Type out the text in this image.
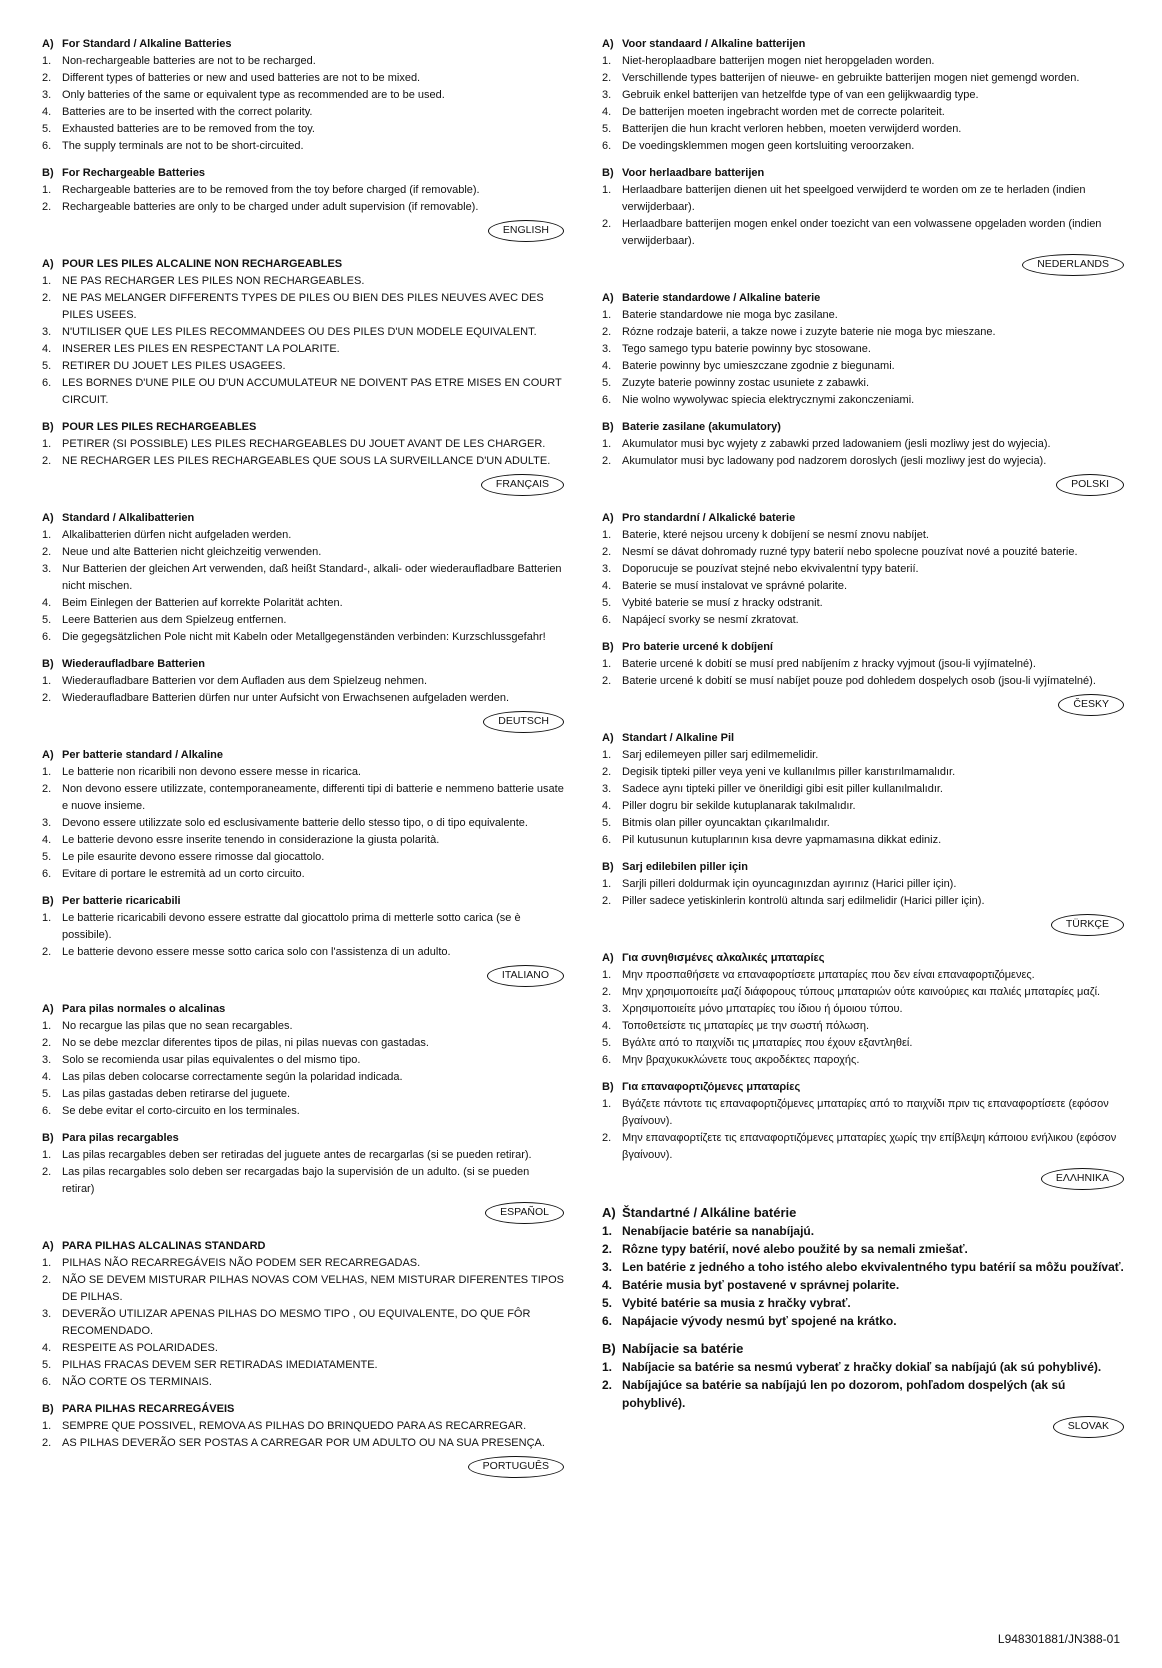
A) For Standard / Alkaline Batteries
1. Non-rechargeable batteries are not to be recharged.
2. Different types of batteries or new and used batteries are not to be mixed.
3. Only batteries of the same or equivalent type as recommended are to be used.
4. Batteries are to be inserted with the correct polarity.
5. Exhausted batteries are to be removed from the toy.
6. The supply terminals are not to be short-circuited.
B) For Rechargeable Batteries
1. Rechargeable batteries are to be removed from the toy before charged (if removable).
2. Rechargeable batteries are only to be charged under adult supervision (if removable).
ENGLISH
A) POUR LES PILES ALCALINE NON RECHARGEABLES
1. NE PAS RECHARGER LES PILES NON RECHARGEABLES.
2. NE PAS MELANGER DIFFERENTS TYPES DE PILES OU BIEN DES PILES NEUVES AVEC DES PILES USEES.
3. N'UTILISER QUE LES PILES RECOMMANDEES OU DES PILES D'UN MODELE EQUIVALENT.
4. INSERER LES PILES EN RESPECTANT LA POLARITE.
5. RETIRER DU JOUET LES PILES USAGEES.
6. LES BORNES D'UNE PILE OU D'UN ACCUMULATEUR NE DOIVENT PAS ETRE MISES EN COURT CIRCUIT.
B) POUR LES PILES RECHARGEABLES
1. PETIRER (SI POSSIBLE) LES PILES RECHARGEABLES DU JOUET AVANT DE LES CHARGER.
2. NE RECHARGER LES PILES RECHARGEABLES QUE SOUS LA SURVEILLANCE D'UN ADULTE.
FRANÇAIS
A) Standard / Alkalibatterien
1. Alkalibatterien dürfen nicht aufgeladen werden.
2. Neue und alte Batterien nicht gleichzeitig verwenden.
3. Nur Batterien der gleichen Art verwenden, daß heißt Standard-, alkali- oder wiederaufladbare Batterien nicht mischen.
4. Beim Einlegen der Batterien auf korrekte Polarität achten.
5. Leere Batterien aus dem Spielzeug entfernen.
6. Die gegegsätzlichen Pole nicht mit Kabeln oder Metallgegenständen verbinden: Kurzschlussgefahr!
B) Wiederaufladbare Batterien
1. Wiederaufladbare Batterien vor dem Aufladen aus dem Spielzeug nehmen.
2. Wiederaufladbare Batterien dürfen nur unter Aufsicht von Erwachsenen aufgeladen werden.
DEUTSCH
A) Per batterie standard / Alkaline
1. Le batterie non ricaribili non devono essere messe in ricarica.
2. Non devono essere utilizzate, contemporaneamente, differenti tipi di batterie e nemmeno batterie usate e nuove insieme.
3. Devono essere utilizzate solo ed esclusivamente batterie dello stesso tipo, o di tipo equivalente.
4. Le batterie devono essre inserite tenendo in considerazione la giusta polarità.
5. Le pile esaurite devono essere rimosse dal giocattolo.
6. Evitare di portare le estremità ad un corto circuito.
B) Per batterie ricaricabili
1. Le batterie ricaricabili devono essere estratte dal giocattolo prima di metterle sotto carica (se è possibile).
2. Le batterie devono essere messe sotto carica solo con l'assistenza di un adulto.
ITALIANO
A) Para pilas normales o alcalinas
1. No recargue las pilas que no sean recargables.
2. No se debe mezclar diferentes tipos de pilas, ni pilas nuevas con gastadas.
3. Solo se recomienda usar pilas equivalentes o del mismo tipo.
4. Las pilas deben colocarse correctamente según la polaridad indicada.
5. Las pilas gastadas deben retirarse del juguete.
6. Se debe evitar el corto-circuito en los terminales.
B) Para pilas recargables
1. Las pilas recargables deben ser retiradas del juguete antes de recargarlas (si se pueden retirar).
2. Las pilas recargables solo deben ser recargadas bajo la supervisión de un adulto. (si se pueden retirar)
ESPAÑOL
A) PARA PILHAS ALCALINAS STANDARD
1. PILHAS NÃO RECARREGÁVEIS NÃO PODEM SER RECARREGADAS.
2. NÃO SE DEVEM MISTURAR PILHAS NOVAS COM VELHAS, NEM MISTURAR DIFERENTES TIPOS DE PILHAS.
3. DEVERÃO UTILIZAR APENAS PILHAS DO MESMO TIPO , OU EQUIVALENTE, DO QUE FÔR RECOMENDADO.
4. RESPEITE AS POLARIDADES.
5. PILHAS FRACAS DEVEM SER RETIRADAS IMEDIATAMENTE.
6. NÃO CORTE OS TERMINAIS.
B) PARA PILHAS RECARREGÁVEIS
1. SEMPRE QUE POSSIVEL, REMOVA AS PILHAS DO BRINQUEDO PARA AS RECARREGAR.
2. AS PILHAS DEVERÃO SER POSTAS A CARREGAR POR UM ADULTO OU NA SUA PRESENÇA.
PORTUGUÊS
A) Voor standaard / Alkaline batterijen
1. Niet-heroplaadbare batterijen mogen niet heropgeladen worden.
2. Verschillende types batterijen of nieuwe- en gebruikte batterijen mogen niet gemengd worden.
3. Gebruik enkel batterijen van hetzelfde type of van een gelijkwaardig type.
4. De batterijen moeten ingebracht worden met de correcte polariteit.
5. Batterijen die hun kracht verloren hebben, moeten verwijderd worden.
6. De voedingsklemmen mogen geen kortsluiting veroorzaken.
B) Voor herlaadbare batterijen
1. Herlaadbare batterijen dienen uit het speelgoed verwijderd te worden om ze te herladen (indien verwijderbaar).
2. Herlaadbare batterijen mogen enkel onder toezicht van een volwassene opgeladen worden (indien verwijderbaar).
NEDERLANDS
A) Baterie standardowe / Alkaline baterie
1. Baterie standardowe nie moga byc zasilane.
2. Rózne rodzaje baterii, a takze nowe i zuzyte baterie nie moga byc mieszane.
3. Tego samego typu baterie powinny byc stosowane.
4. Baterie powinny byc umieszczane zgodnie z biegunami.
5. Zuzyte baterie powinny zostac usuniete z zabawki.
6. Nie wolno wywolywac spiecia elektrycznymi zakonczeniami.
B) Baterie zasilane (akumulatory)
1. Akumulator musi byc wyjety z zabawki przed ladowaniem (jesli mozliwy jest do wyjecia).
2. Akumulator musi byc ladowany pod nadzorem doroslych (jesli mozliwy jest do wyjecia).
POLSKI
A) Pro standardní / Alkalické baterie
1. Baterie, které nejsou urceny k dobíjení se nesmí znovu nabíjet.
2. Nesmí se dávat dohromady ruzné typy baterií nebo spolecne pouzívat nové a pouzité baterie.
3. Doporucuje se pouzívat stejné nebo ekvivalentní typy baterií.
4. Baterie se musí instalovat ve správné polarite.
5. Vybité baterie se musí z hracky odstranit.
6. Napájecí svorky se nesmí zkratovat.
B) Pro baterie urcené k dobíjení
1. Baterie urcené k dobití se musí pred nabíjením z hracky vyjmout (jsou-li vyjímatelné).
2. Baterie urcené k dobití se musí nabíjet pouze pod dohledem dospelych osob (jsou-li vyjímatelné).
ČESKY
A) Standart / Alkaline Pil
1. Sarj edilemeyen piller sarj edilmemelidir.
2. Degisik tipteki piller veya yeni ve kullanılmıs piller karıstırılmamalıdır.
3. Sadece aynı tipteki piller ve önerildigi gibi esit piller kullanılmalıdır.
4. Piller dogru bir sekilde kutuplanarak takılmalıdır.
5. Bitmis olan piller oyuncaktan çıkarılmalıdır.
6. Pil kutusunun kutuplarının kısa devre yapmamasına dikkat ediniz.
B) Sarj edilebilen piller için
1. Sarjli pilleri doldurmak için oyuncagınızdan ayırınız (Harici piller için).
2. Piller sadece yetiskinlerin kontrolü altında sarj edilmelidir (Harici piller için).
TÜRKÇE
A) Για συνηθισμένες αλκαλικές μπαταρίες
1. Μην προσπαθήσετε να επαναφορτίσετε μπαταρίες που δεν είναι επαναφορτιζόμενες.
2. Μην χρησιμοποιείτε μαζί διάφορους τύπους μπαταριών ούτε καινούριες και παλιές μπαταρίες μαζί.
3. Χρησιμοποιείτε μόνο μπαταρίες του ίδιου ή όμοιου τύπου.
4. Τοποθετείστε τις μπαταρίες με την σωστή πόλωση.
5. Βγάλτε από το παιχνίδι τις μπαταρίες που έχουν εξαντληθεί.
6. Μην βραχυκυκλώνετε τους ακροδέκτες παροχής.
B) Για επαναφορτιζόμενες μπαταρίες
1. Βγάζετε πάντοτε τις επαναφορτιζόμενες μπαταρίες από το παιχνίδι πριν τις επαναφορτίσετε (εφόσον βγαίνουν).
2. Μην επαναφορτίζετε τις επαναφορτιζόμενες μπαταρίες χωρίς την επίβλεψη κάποιου ενήλικου (εφόσον βγαίνουν).
ΕΛΛΗΝΙΚΑ
A) Štandartné / Alkáline batérie
1. Nenabíjacie batérie sa nanabíjajú.
2. Rôzne typy batérií, nové alebo použité by sa nemali zmiešať.
3. Len batérie z jedného a toho istého alebo ekvivalentného typu batérií sa môžu používať.
4. Batérie musia byť postavené v správnej polarite.
5. Vybité batérie sa musia z hračky vybrať.
6. Napájacie vývody nesmú byť spojené na krátko.
B) Nabíjacie sa batérie
1. Nabíjacie sa batérie sa nesmú vyberať z hračky dokiaľ sa nabíjajú (ak sú pohyblivé).
2. Nabíjajúce sa batérie sa nabíjajú len po dozorom, pohľadom dospelých (ak sú pohyblivé).
SLOVAK
L948301881/JN388-01
